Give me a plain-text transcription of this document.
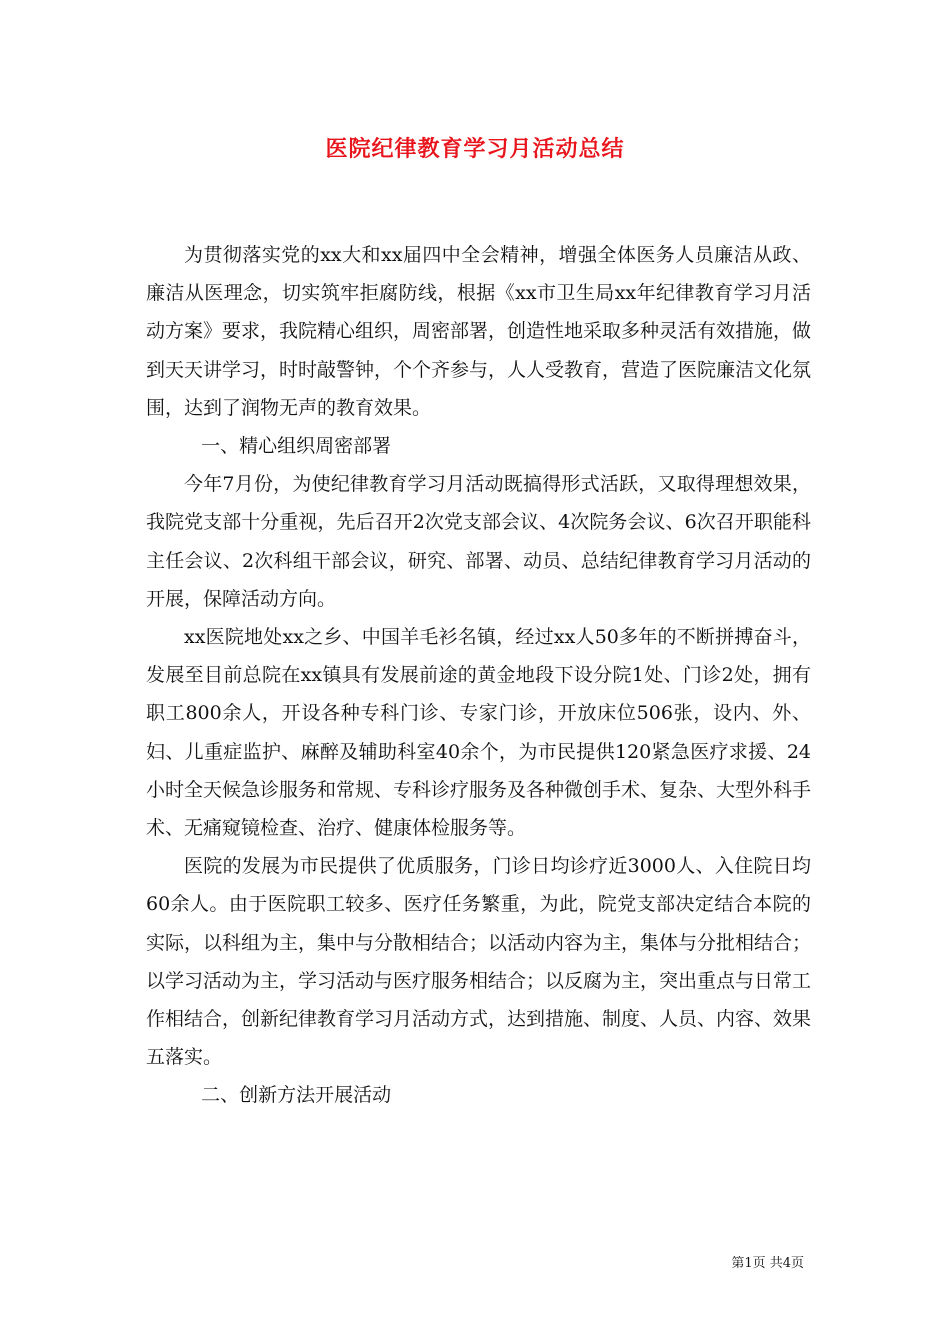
医院纪律教育学习月活动总结

为贯彻落实党的xx大和xx届四中全会精神，增强全体医务人员廉洁从政、廉洁从医理念，切实筑牢拒腐防线，根据《xx市卫生局xx年纪律教育学习月活动方案》要求，我院精心组织，周密部署，创造性地采取多种灵活有效措施，做到天天讲学习，时时敲警钟，个个齐参与，人人受教育，营造了医院廉洁文化氛围，达到了润物无声的教育效果。

一、精心组织周密部署

今年7月份，为使纪律教育学习月活动既搞得形式活跃，又取得理想效果，我院党支部十分重视，先后召开2次党支部会议、4次院务会议、6次召开职能科主任会议、2次科组干部会议，研究、部署、动员、总结纪律教育学习月活动的开展，保障活动方向。

xx医院地处xx之乡、中国羊毛衫名镇，经过xx人50多年的不断拼搏奋斗，发展至目前总院在xx镇具有发展前途的黄金地段下设分院1处、门诊2处，拥有职工800余人，开设各种专科门诊、专家门诊，开放床位506张，设内、外、妇、儿重症监护、麻醉及辅助科室40余个，为市民提供120紧急医疗求援、24小时全天候急诊服务和常规、专科诊疗服务及各种微创手术、复杂、大型外科手术、无痛窥镜检查、治疗、健康体检服务等。

医院的发展为市民提供了优质服务，门诊日均诊疗近3000人、入住院日均60余人。由于医院职工较多、医疗任务繁重，为此，院党支部决定结合本院的实际，以科组为主，集中与分散相结合；以活动内容为主，集体与分批相结合；以学习活动为主，学习活动与医疗服务相结合；以反腐为主，突出重点与日常工作相结合，创新纪律教育学习月活动方式，达到措施、制度、人员、内容、效果五落实。

二、创新方法开展活动

第1页 共4页
